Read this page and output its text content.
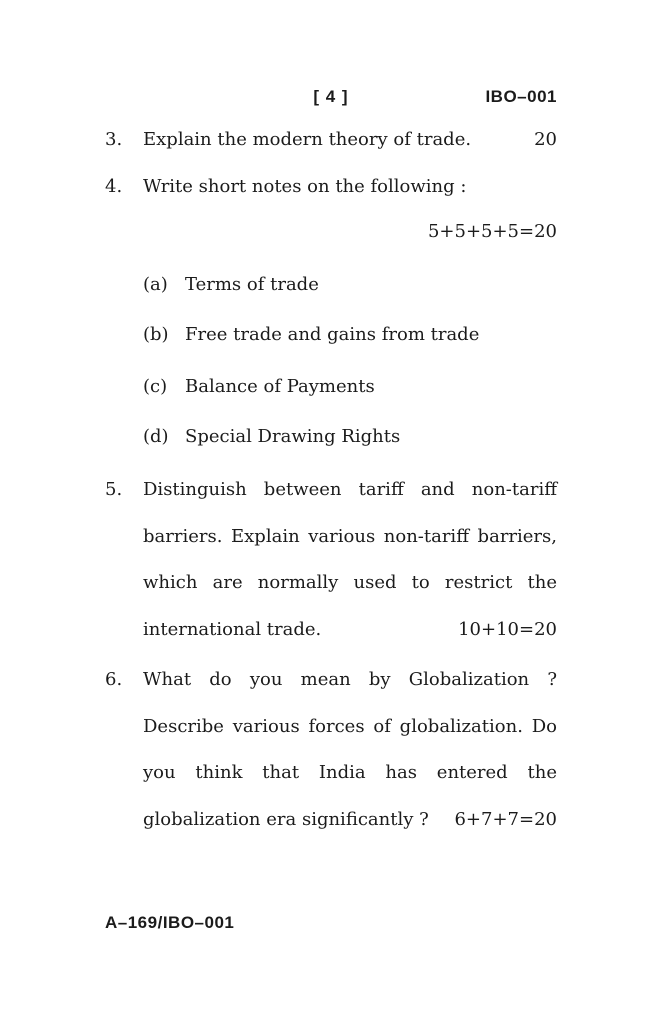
[ 4 ]	IBO–001
3.	Explain the modern theory of trade.	20
4.	Write short notes on the following :
5+5+5+5=20
(a) Terms of trade
(b) Free trade and gains from trade
(c) Balance of Payments
(d) Special Drawing Rights
5.	Distinguish between tariff and non-tariff
barriers. Explain various non-tariff barriers,
which are normally used to restrict the
international trade.	10+10=20
6.	What do you mean by Globalization ?
Describe various forces of globalization. Do
you think that India has entered the
globalization era significantly ? 6+7+7=20
A–169/IBO–001
